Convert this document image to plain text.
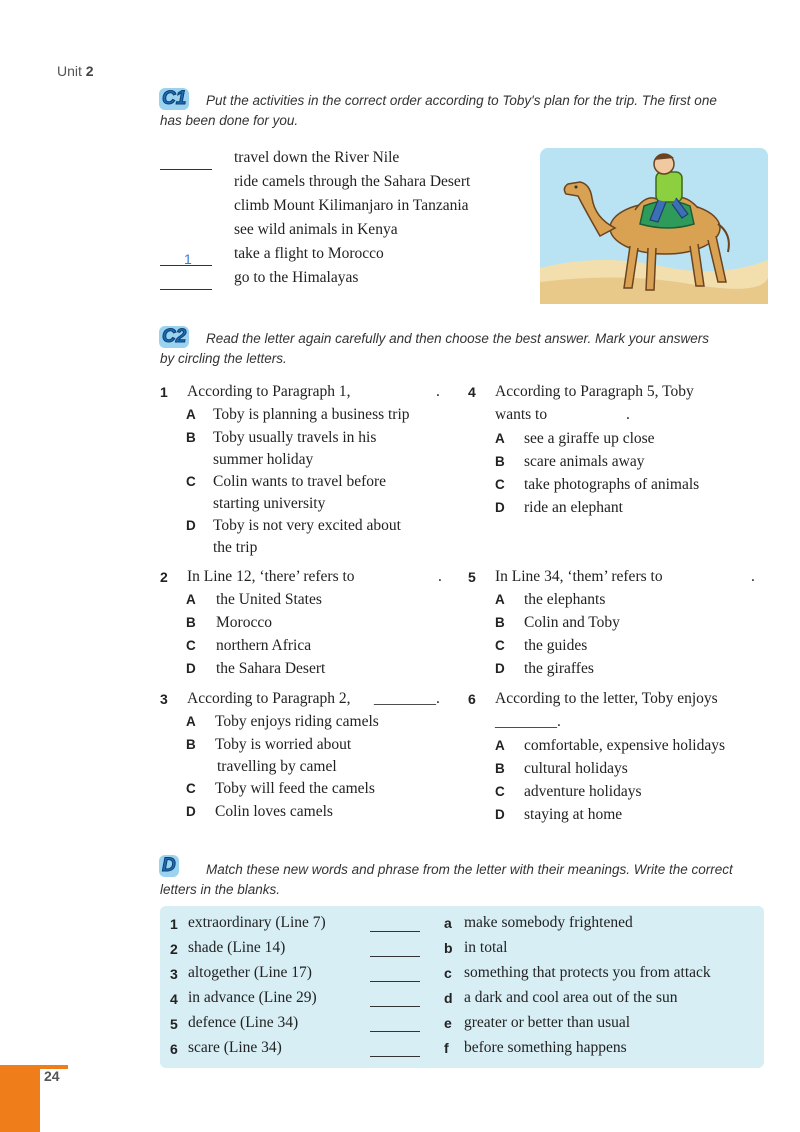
Unit 2
C1	Put the activities in the correct order according to Toby's plan for the trip. The first one
has been done for you.
travel down the River Nile
ride camels through the Sahara Desert
climb Mount Kilimanjaro in Tanzania
see wild animals in Kenya
1	take a flight to Morocco
go to the Himalayas
C2	Read the letter again carefully and then choose the best answer. Mark your answers
by circling the letters.
1 According to Paragraph 1,	.
A Toby is planning a business trip
B Toby usually travels in his
summer holiday
C Colin wants to travel before
starting university
D Toby is not very excited about
the trip
2 In Line 12, ‘there’ refers to	.
A the United States
B Morocco
C northern Africa
D the Sahara Desert
3 According to Paragraph 2, ________.
A Toby enjoys riding camels
B Toby is worried about
travelling by camel
C Toby will feed the camels
D Colin loves camels
4 According to Paragraph 5, Toby
wants to	.
A see a giraffe up close
B scare animals away
C take photographs of animals
D ride an elephant
5 In Line 34, ‘them’ refers to	.
A the elephants
B Colin and Toby
C the guides
D the giraffes
6 According to the letter, Toby enjoys
________.
A comfortable, expensive holidays
B cultural holidays
C adventure holidays
D staying at home
D	Match these new words and phrase from the letter with their meanings. Write the correct
letters in the blanks.
1 extraordinary (Line 7)	a make somebody frightened
2 shade (Line 14)	b in total
3 altogether (Line 17)	c something that protects you from attack
4 in advance (Line 29)	d a dark and cool area out of the sun
5 defence (Line 34)	e greater or better than usual
6 scare (Line 34)	f before something happens
24
